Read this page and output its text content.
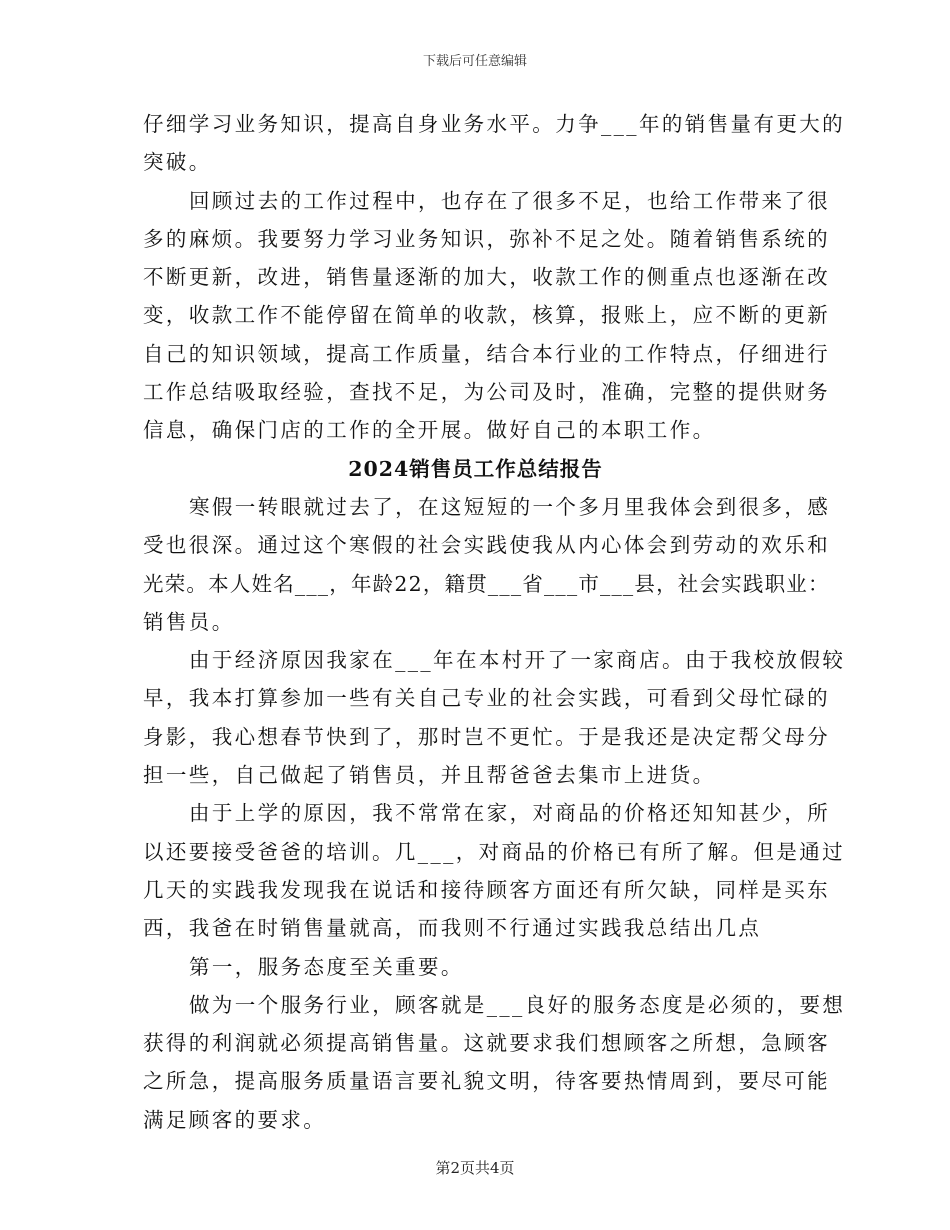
下载后可任意编辑
仔细学习业务知识，提高自身业务水平。力争___年的销售量有更大的
突破。
回顾过去的工作过程中，也存在了很多不足，也给工作带来了很
多的麻烦。我要努力学习业务知识，弥补不足之处。随着销售系统的
不断更新，改进，销售量逐渐的加大，收款工作的侧重点也逐渐在改
变，收款工作不能停留在简单的收款，核算，报账上，应不断的更新
自己的知识领域，提高工作质量，结合本行业的工作特点，仔细进行
工作总结吸取经验，查找不足，为公司及时，准确，完整的提供财务
信息，确保门店的工作的全开展。做好自己的本职工作。
2024销售员工作总结报告
寒假一转眼就过去了，在这短短的一个多月里我体会到很多，感
受也很深。通过这个寒假的社会实践使我从内心体会到劳动的欢乐和
光荣。本人姓名___，年龄22，籍贯___省___市___县，社会实践职业：
销售员。
由于经济原因我家在___年在本村开了一家商店。由于我校放假较
早，我本打算参加一些有关自己专业的社会实践，可看到父母忙碌的
身影，我心想春节快到了，那时岂不更忙。于是我还是决定帮父母分
担一些，自己做起了销售员，并且帮爸爸去集市上进货。
由于上学的原因，我不常常在家，对商品的价格还知知甚少，所
以还要接受爸爸的培训。几___，对商品的价格已有所了解。但是通过
几天的实践我发现我在说话和接待顾客方面还有所欠缺，同样是买东
西，我爸在时销售量就高，而我则不行通过实践我总结出几点
第一，服务态度至关重要。
做为一个服务行业，顾客就是___良好的服务态度是必须的，要想
获得的利润就必须提高销售量。这就要求我们想顾客之所想，急顾客
之所急，提高服务质量语言要礼貌文明，待客要热情周到，要尽可能
满足顾客的要求。
第2页共4页
